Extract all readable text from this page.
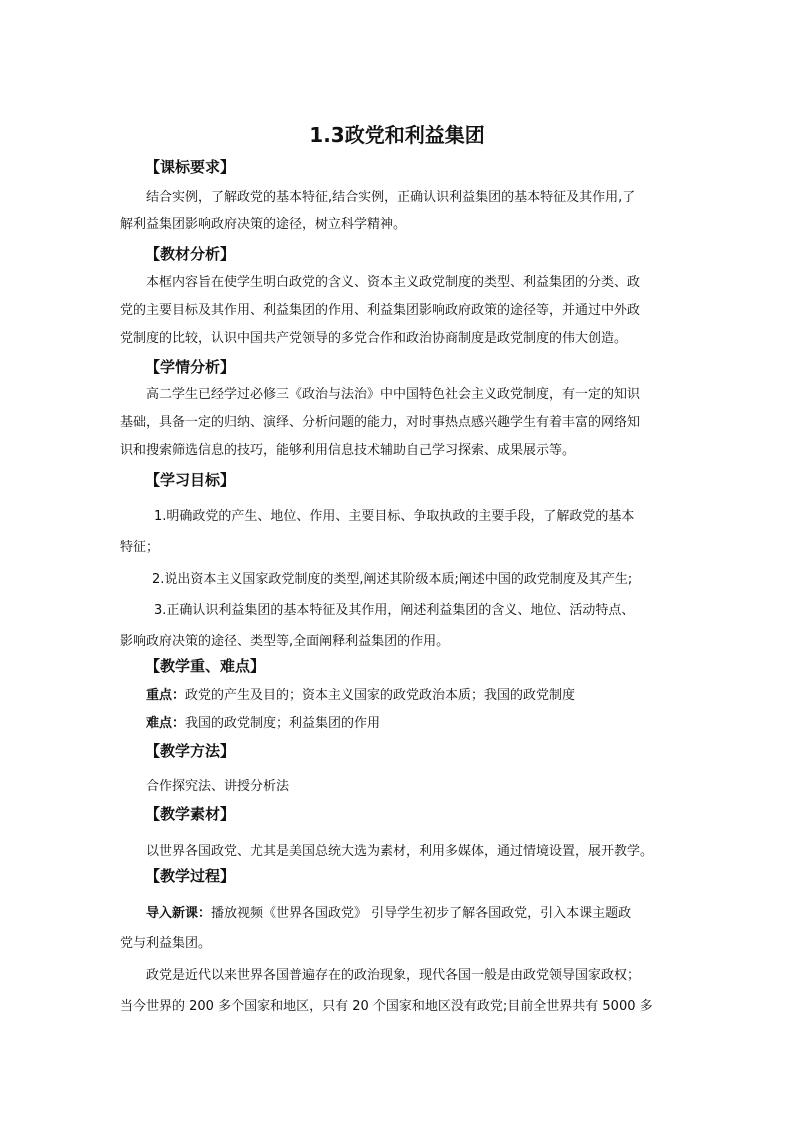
1.3政党和利益集团
【课标要求】
结合实例，了解政党的基本特征,结合实例，正确认识利益集团的基本特征及其作用,了
解利益集团影响政府决策的途径，树立科学精神。
【教材分析】
本框内容旨在使学生明白政党的含义、资本主义政党制度的类型、利益集团的分类、政
党的主要目标及其作用、利益集团的作用、利益集团影响政府政策的途径等，并通过中外政
党制度的比较，认识中国共产党领导的多党合作和政治协商制度是政党制度的伟大创造。
【学情分析】
高二学生已经学过必修三《政治与法治》中中国特色社会主义政党制度，有一定的知识
基础，具备一定的归纳、演绎、分析问题的能力，对时事热点感兴趣学生有着丰富的网络知
识和搜索筛选信息的技巧，能够利用信息技术辅助自己学习探索、成果展示等。
【学习目标】
1.明确政党的产生、地位、作用、主要目标、争取执政的主要手段，了解政党的基本
特征；
2.说出资本主义国家政党制度的类型,阐述其阶级本质;阐述中国的政党制度及其产生;
3.正确认识利益集团的基本特征及其作用，阐述利益集团的含义、地位、活动特点、
影响政府决策的途径、类型等,全面阐释利益集团的作用。
【教学重、难点】
重点：政党的产生及目的；资本主义国家的政党政治本质；我国的政党制度
难点：我国的政党制度；利益集团的作用
【教学方法】
合作探究法、讲授分析法
【教学素材】
以世界各国政党、尤其是美国总统大选为素材，利用多媒体，通过情境设置，展开教学。
【教学过程】
导入新课：播放视频《世界各国政党》 引导学生初步了解各国政党，引入本课主题政
党与利益集团。
政党是近代以来世界各国普遍存在的政治现象，现代各国一般是由政党领导国家政权；
当今世界的 200 多个国家和地区，只有 20 个国家和地区没有政党;目前全世界共有 5000 多
